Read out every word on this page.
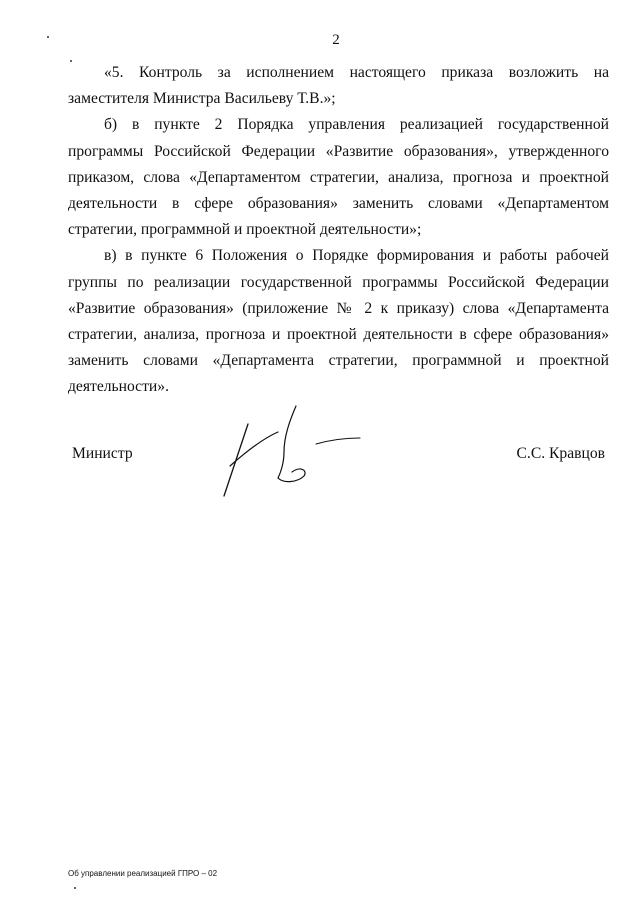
2

«5. Контроль за исполнением настоящего приказа возложить на заместителя Министра Васильеву Т.В.»;

б) в пункте 2 Порядка управления реализацией государственной программы Российской Федерации «Развитие образования», утвержденного приказом, слова «Департаментом стратегии, анализа, прогноза и проектной деятельности в сфере образования» заменить словами «Департаментом стратегии, программной и проектной деятельности»;

в) в пункте 6 Положения о Порядке формирования и работы рабочей группы по реализации государственной программы Российской Федерации «Развитие образования» (приложение № 2 к приказу) слова «Департамента стратегии, анализа, прогноза и проектной деятельности в сфере образования» заменить словами «Департамента стратегии, программной и проектной деятельности».

Министр	С.С. Кравцов
Об управлении реализацией ГПРО – 02
